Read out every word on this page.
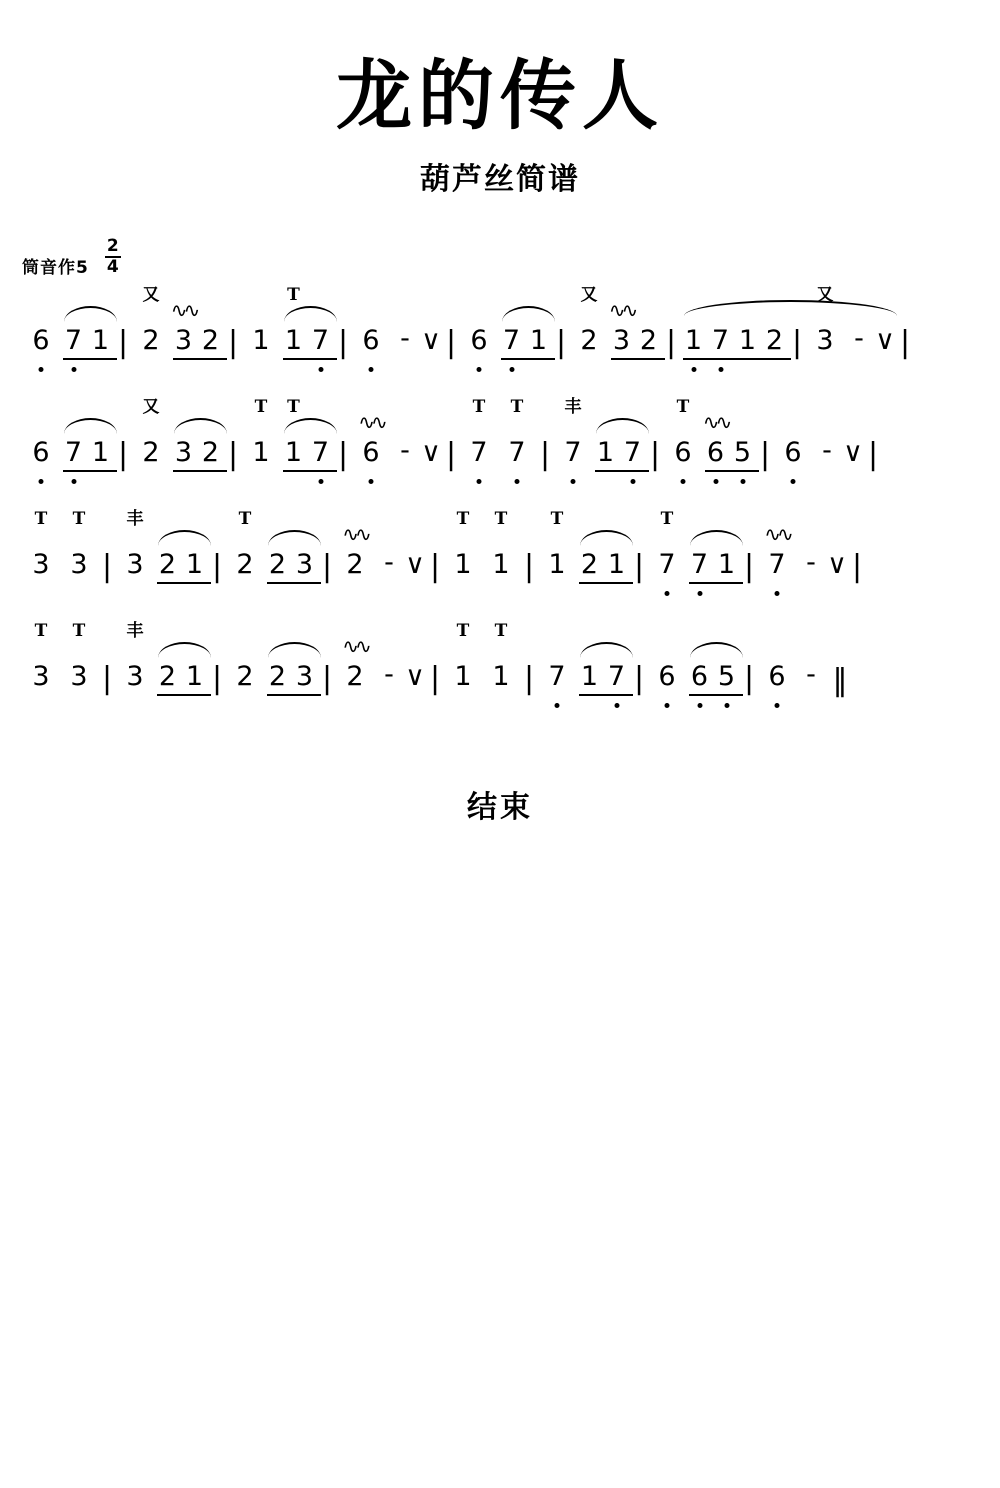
龙的传人
葫芦丝简谱
筒音作$5 \frac{2}{4}$
6 7 1 | 2
又
3
∿∿
2 | 1 1
T
7 | 6 - ∨ | 6 7 1 | 2
又
3
∿∿
2 | 1 7 1 2 | 3
又
- ∨ |
6 7 1 | 2
又
3 2 | 1
T
1
T
7 | 6
∿∿
- ∨ | 7
T
7
T
| 7
丰
1 7 | 6
T
6
∿∿
5 | 6 - ∨ |
3
T
3
T
| 3
丰
2 1 | 2
T
2 3 | 2
∿∿
- ∨ | 1
T
1
T
| 1
T
2 1 | 7
T
7 1 | 7
∿∿
- ∨ |
3
T
3
T
| 3
丰
2 1 | 2 2 3 | 2
∿∿
- ∨ | 1
T
1
T
| 7 1 7 | 6 6 5 | 6 - ‖
结束
